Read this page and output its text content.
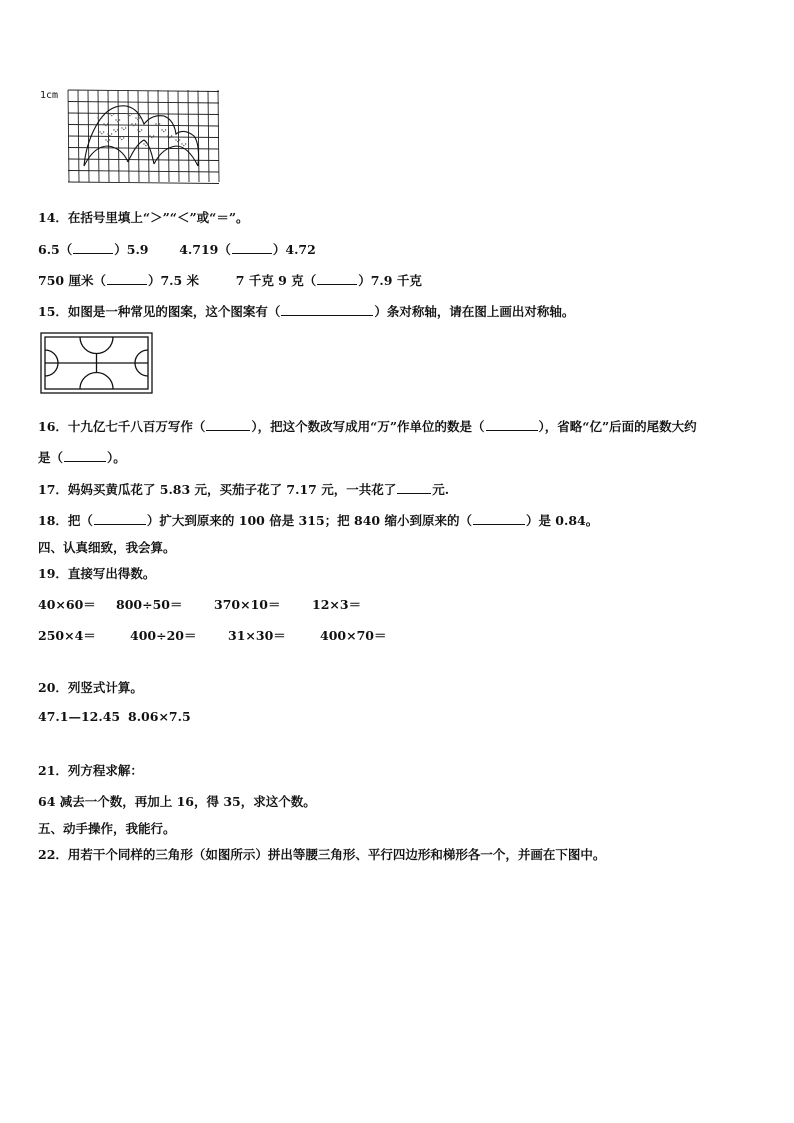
1cm
14．在括号里填上“＞”“＜”或“＝”。
6.5（	）5.9 4.719（	）4.72
750 厘米（	）7.5 米	7 千克 9 克（	）7.9 千克
15．如图是一种常见的图案，这个图案有（	）条对称轴，请在图上画出对称轴。
16．十九亿七千八百万写作（	），把这个数改写成用“万”作单位的数是（	），省略“亿”后面的尾数大约
是（	）。
17．妈妈买黄瓜花了 5.83 元，买茄子花了 7.17 元，一共花了	元.
18．把（	）扩大到原来的 100 倍是 315；把 840 缩小到原来的（	）是 0.84。
四、认真细致，我会算。
19．直接写出得数。
40×60＝ 800÷50＝	370×10＝	12×3＝
250×4＝	400÷20＝	31×30＝	400×70＝
20．列竖式计算。
47.1—12.45 8.06×7.5
21．列方程求解：
64 减去一个数，再加上 16，得 35，求这个数。
五、动手操作，我能行。
22．用若干个同样的三角形（如图所示）拼出等腰三角形、平行四边形和梯形各一个，并画在下图中。
